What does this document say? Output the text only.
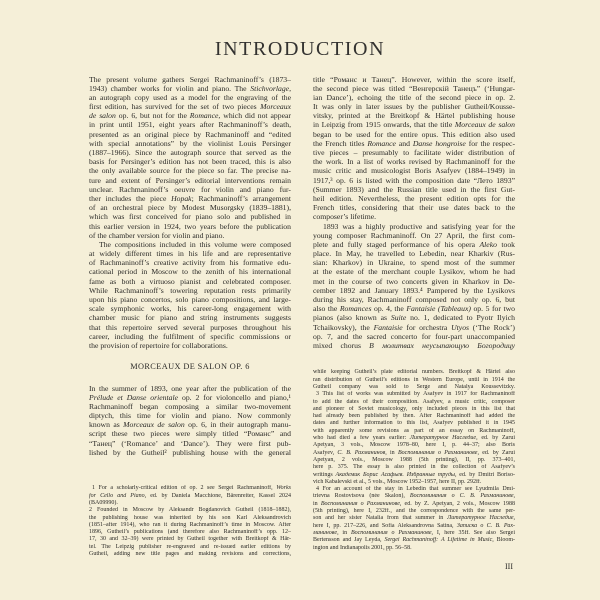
INTRODUCTION
The present volume gathers Sergei Rachmaninoff’s (1873–
1943) chamber works for violin and piano. The Stichvorlage,
an autograph copy used as a model for the engraving of the
first edition, has survived for the set of two pieces Morceaux
de salon op. 6, but not for the Romance, which did not appear
in print until 1951, eight years after Rachmaninoff’s death,
presented as an original piece by Rachmaninoff and “edited
with special annotations” by the violinist Louis Persinger
(1887–1966). Since the autograph source that served as the
basis for Persinger’s edition has not been traced, this is also
the only available source for the piece so far. The precise na-
ture and extent of Persinger’s editorial interventions remain
unclear. Rachmaninoff’s oeuvre for violin and piano fur-
ther includes the piece Hopak; Rachmaninoff’s arrangement
of an orchestral piece by Modest Musorgsky (1839–1881),
which was first conceived for piano solo and published in
this earlier version in 1924, two years before the publication
of the chamber version for violin and piano.
The compositions included in this volume were composed
at widely different times in his life and are representative
of Rachmaninoff’s creative activity from his formative edu-
cational period in Moscow to the zenith of his international
fame as both a virtuoso pianist and celebrated composer.
While Rachmaninoff’s towering reputation rests primarily
upon his piano concertos, solo piano compositions, and large-
scale symphonic works, his career-long engagement with
chamber music for piano and string instruments suggests
that this repertoire served several purposes throughout his
career, including the fulfilment of specific commissions or
the provision of repertoire for collaborations.
MORCEAUX DE SALON OP. 6
In the summer of 1893, one year after the publication of the
Prélude et Danse orientale op. 2 for violoncello and piano,¹
Rachmaninoff began composing a similar two-movement
diptych, this time for violin and piano. Now commonly
known as Morceaux de salon op. 6, in their autograph manu-
script these two pieces were simply titled “Романс” and
“Танец” (‘Romance’ and ‘Dance’). They were first pub-
lished by the Gutheil² publishing house with the general
1 For a scholarly-critical edition of op. 2 see Sergei Rachmaninoff, Works
for Cello and Piano, ed. by Daniela Macchione, Bärenreiter, Kassel 2024
(BA09990).
2 Founded in Moscow by Aleksandr Bogdanovich Gutheil (1818–1882),
the publishing house was inherited by his son Karl Aleksandrovich
(1851–after 1914), who ran it during Rachmaninoff’s time in Moscow. After
1896, Gutheil’s publications (and therefore also Rachmaninoff’s opp. 12–
17, 30 and 32–39) were printed by Gutheil together with Breitkopf & Här-
tel. The Leipzig publisher re-engraved and re-issued earlier editions by
Gutheil, adding new title pages and making revisions and corrections,
title “Романс и Танец”. However, within the score itself,
the second piece was titled “Венгерскій Танецъ” (‘Hungar-
ian Dance’), echoing the title of the second piece in op. 2.
It was only in later issues by the publisher Gutheil/Kousse-
vitsky, printed at the Breitkopf & Härtel publishing house
in Leipzig from 1915 onwards, that the title Morceaux de salon
began to be used for the entire opus. This edition also used
the French titles Romance and Danse hongroise for the respec-
tive pieces – presumably to facilitate wider distribution of
the work. In a list of works revised by Rachmaninoff for the
music critic and musicologist Boris Asafyev (1884–1949) in
1917,³ op. 6 is listed with the composition date “Лето 1893”
(Summer 1893) and the Russian title used in the first Gut-
heil edition. Nevertheless, the present edition opts for the
French titles, considering that their use dates back to the
composer’s lifetime.
1893 was a highly productive and satisfying year for the
young composer Rachmaninoff. On 27 April, the first com-
plete and fully staged performance of his opera Aleko took
place. In May, he travelled to Lebedin, near Kharkiv (Rus-
sian: Kharkov) in Ukraine, to spend most of the summer
at the estate of the merchant couple Lysikov, whom he had
met in the course of two concerts given in Kharkov in De-
cember 1892 and January 1893.⁴ Pampered by the Lysikovs
during his stay, Rachmaninoff composed not only op. 6, but
also the Romances op. 4, the Fantaisie (Tableaux) op. 5 for two
pianos (also known as Suite no. 1, dedicated to Pyotr Ilyich
Tchaikovsky), the Fantaisie for orchestra Utyos (‘The Rock’)
op. 7, and the sacred concerto for four-part unaccompanied
mixed chorus В молитвах неусыпающую Богородицу
while keeping Gutheil’s plate editorial numbers. Breitkopf & Härtel also
ran distribution of Gutheil’s editions in Western Europe, until in 1914 the
Gutheil company was sold to Serge and Natalya Koussevitzky.
3 This list of works was submitted by Asafyev in 1917 for Rachmaninoff
to add the dates of their composition. Asafyev, a music critic, composer
and pioneer of Soviet musicology, only included pieces in this list that
had already been published by then. After Rachmaninoff had added the
dates and further information to this list, Asafyev published it in 1945
with apparently some revisions as part of an essay on Rachmaninoff,
who had died a few years earlier: Литературное Наследие, ed. by Zarui
Apetyan, 3 vols., Moscow 1978–80, here I, p. 44–37; also Boris
Asafyev, С. В. Рахманинов, in Воспоминания о Рахманинове, ed. by Zarui
Apetyan, 2 vols., Moscow 1988 (5th printing), II, pp. 373–401,
here p. 375. The essay is also printed in the collection of Asafyev’s
writings Академик Борис Асафьев. Избранные труды, ed. by Dmitri Boriso-
vich Kabalevski et al., 5 vols., Moscow 1952–1957, here II, pp. 292ff.
4 For an account of the stay in Lebedin that summer see Lyudmila Dmi-
trievna Rostovtsova (née Skalon), Воспоминания о С. В. Рахманинове,
in Воспоминания о Рахманинове, ed. by Z. Apetyan, 2 vols., Moscow 1988
(5th printing), here I, 232ff., and the correspondence with the same per-
son and her sister Natalia from that summer in Литературное Наследие,
here I, pp. 217–226, and Sofia Aleksandrovna Satina, Записка о С. В. Рах-
манинове, in Воспоминания о Рахманинове, I, here 35ff. See also Sergei
Bertensson and Jay Leyda, Sergei Rachmaninoff: A Lifetime in Music, Bloom-
ington and Indianapolis 2001, pp. 56–58.
III
